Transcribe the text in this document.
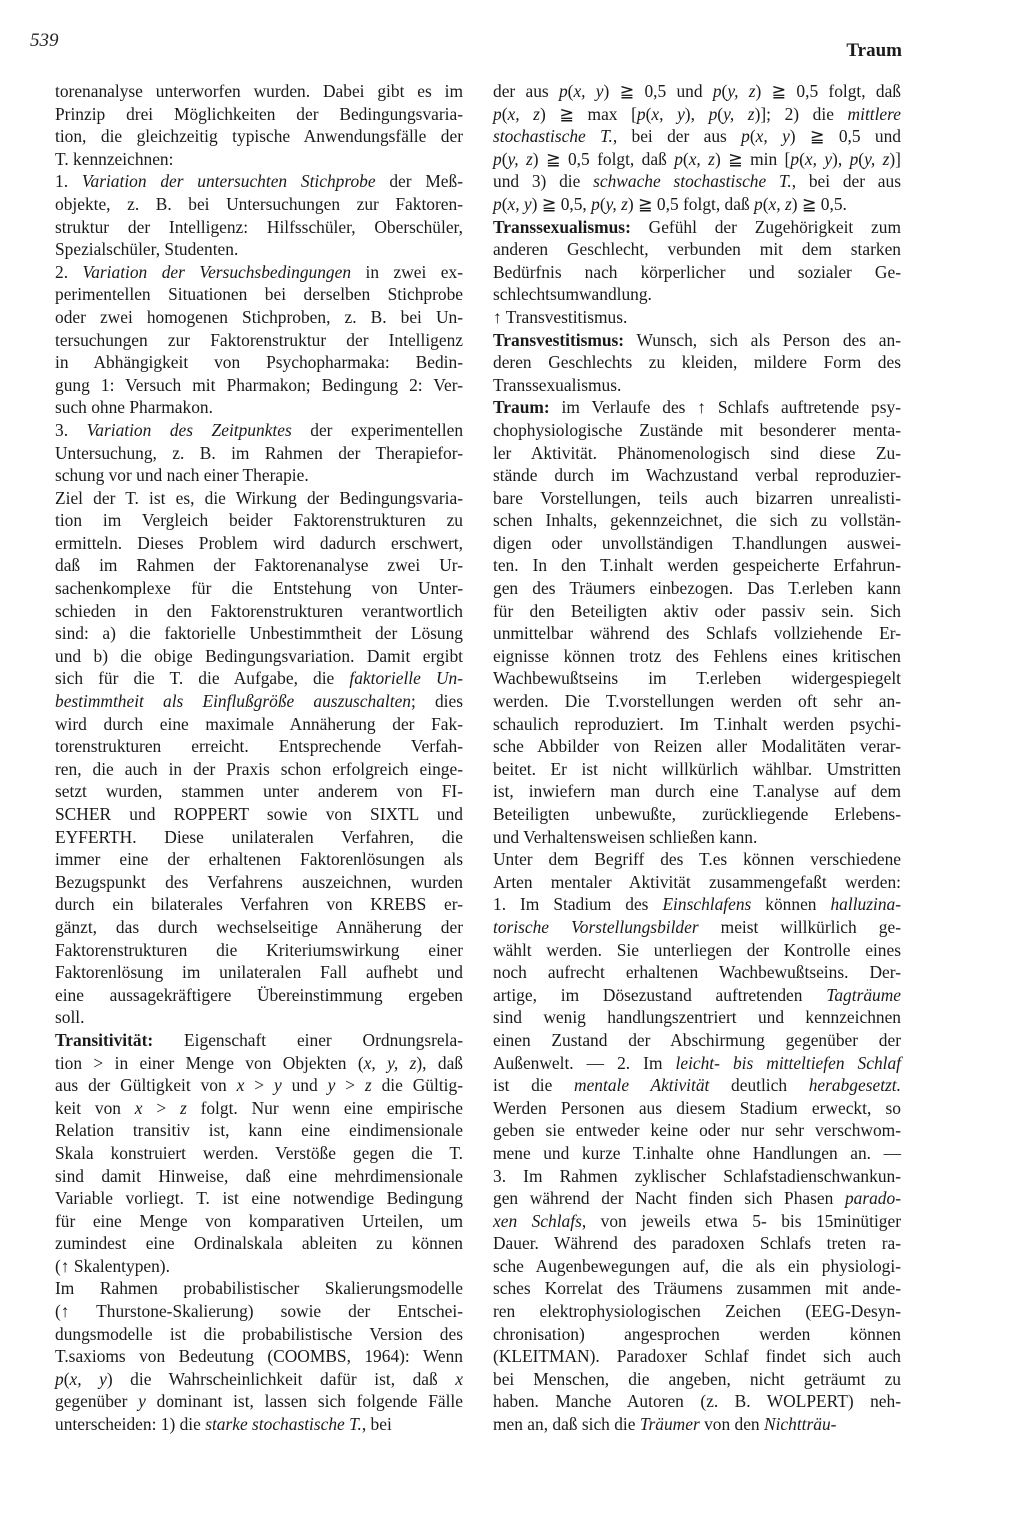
539	Traum
torenanalyse unterworfen wurden. Dabei gibt es im
Prinzip drei Möglichkeiten der Bedingungsvaria-
tion, die gleichzeitig typische Anwendungsfälle der
T. kennzeichnen:
1. Variation der untersuchten Stichprobe der Meß-
objekte, z. B. bei Untersuchungen zur Faktoren-
struktur der Intelligenz: Hilfsschüler, Oberschüler,
Spezialschüler, Studenten.
2. Variation der Versuchsbedingungen in zwei ex-
perimentellen Situationen bei derselben Stichprobe
oder zwei homogenen Stichproben, z. B. bei Un-
tersuchungen zur Faktorenstruktur der Intelligenz
in Abhängigkeit von Psychopharmaka: Bedin-
gung 1: Versuch mit Pharmakon; Bedingung 2: Ver-
such ohne Pharmakon.
3. Variation des Zeitpunktes der experimentellen
Untersuchung, z. B. im Rahmen der Therapiefor-
schung vor und nach einer Therapie.
Ziel der T. ist es, die Wirkung der Bedingungsvaria-
tion im Vergleich beider Faktorenstrukturen zu
ermitteln. Dieses Problem wird dadurch erschwert,
daß im Rahmen der Faktorenanalyse zwei Ur-
sachenkomplexe für die Entstehung von Unter-
schieden in den Faktorenstrukturen verantwortlich
sind: a) die faktorielle Unbestimmtheit der Lösung
und b) die obige Bedingungsvariation. Damit ergibt
sich für die T. die Aufgabe, die faktorielle Un-
bestimmtheit als Einflußgröße auszuschalten; dies
wird durch eine maximale Annäherung der Fak-
torenstrukturen erreicht. Entsprechende Verfah-
ren, die auch in der Praxis schon erfolgreich einge-
setzt wurden, stammen unter anderem von FI-
SCHER und ROPPERT sowie von SIXTL und
EYFERTH. Diese unilateralen Verfahren, die
immer eine der erhaltenen Faktorenlösungen als
Bezugspunkt des Verfahrens auszeichnen, wurden
durch ein bilaterales Verfahren von KREBS er-
gänzt, das durch wechselseitige Annäherung der
Faktorenstrukturen die Kriteriumswirkung einer
Faktorenlösung im unilateralen Fall aufhebt und
eine aussagekräftigere Übereinstimmung ergeben
soll.
Transitivität: Eigenschaft einer Ordnungsrela-
tion > in einer Menge von Objekten (x, y, z), daß
aus der Gültigkeit von x > y und y > z die Gültig-
keit von x > z folgt. Nur wenn eine empirische
Relation transitiv ist, kann eine eindimensionale
Skala konstruiert werden. Verstöße gegen die T.
sind damit Hinweise, daß eine mehrdimensionale
Variable vorliegt. T. ist eine notwendige Bedingung
für eine Menge von komparativen Urteilen, um
zumindest eine Ordinalskala ableiten zu können
(↑ Skalentypen).
Im Rahmen probabilistischer Skalierungsmodelle
(↑ Thurstone-Skalierung) sowie der Entschei-
dungsmodelle ist die probabilistische Version des
T.saxioms von Bedeutung (COOMBS, 1964): Wenn
p(x, y) die Wahrscheinlichkeit dafür ist, daß x
gegenüber y dominant ist, lassen sich folgende Fälle
unterscheiden: 1) die starke stochastische T., bei
der aus p(x, y) ≧ 0,5 und p(y, z) ≧ 0,5 folgt, daß
p(x, z) ≧ max [p(x, y), p(y, z)]; 2) die mittlere
stochastische T., bei der aus p(x, y) ≧ 0,5 und
p(y, z) ≧ 0,5 folgt, daß p(x, z) ≧ min [p(x, y), p(y, z)]
und 3) die schwache stochastische T., bei der aus
p(x, y) ≧ 0,5, p(y, z) ≧ 0,5 folgt, daß p(x, z) ≧ 0,5.
Transsexualismus: Gefühl der Zugehörigkeit zum
anderen Geschlecht, verbunden mit dem starken
Bedürfnis nach körperlicher und sozialer Ge-
schlechtsumwandlung.
↑ Transvestitismus.
Transvestitismus: Wunsch, sich als Person des an-
deren Geschlechts zu kleiden, mildere Form des
Transsexualismus.
Traum: im Verlaufe des ↑ Schlafs auftretende psy-
chophysiologische Zustände mit besonderer menta-
ler Aktivität. Phänomenologisch sind diese Zu-
stände durch im Wachzustand verbal reproduzier-
bare Vorstellungen, teils auch bizarren unrealisti-
schen Inhalts, gekennzeichnet, die sich zu vollstän-
digen oder unvollständigen T.handlungen auswei-
ten. In den T.inhalt werden gespeicherte Erfahrun-
gen des Träumers einbezogen. Das T.erleben kann
für den Beteiligten aktiv oder passiv sein. Sich
unmittelbar während des Schlafs vollziehende Er-
eignisse können trotz des Fehlens eines kritischen
Wachbewußtseins im T.erleben widergespiegelt
werden. Die T.vorstellungen werden oft sehr an-
schaulich reproduziert. Im T.inhalt werden psychi-
sche Abbilder von Reizen aller Modalitäten verar-
beitet. Er ist nicht willkürlich wählbar. Umstritten
ist, inwiefern man durch eine T.analyse auf dem
Beteiligten unbewußte, zurückliegende Erlebens-
und Verhaltensweisen schließen kann.
Unter dem Begriff des T.es können verschiedene
Arten mentaler Aktivität zusammengefaßt werden:
1. Im Stadium des Einschlafens können halluzina-
torische Vorstellungsbilder meist willkürlich ge-
wählt werden. Sie unterliegen der Kontrolle eines
noch aufrecht erhaltenen Wachbewußtseins. Der-
artige, im Dösezustand auftretenden Tagträume
sind wenig handlungszentriert und kennzeichnen
einen Zustand der Abschirmung gegenüber der
Außenwelt. — 2. Im leicht- bis mitteltiefen Schlaf
ist die mentale Aktivität deutlich herabgesetzt.
Werden Personen aus diesem Stadium erweckt, so
geben sie entweder keine oder nur sehr verschwom-
mene und kurze T.inhalte ohne Handlungen an. —
3. Im Rahmen zyklischer Schlafstadienschwankun-
gen während der Nacht finden sich Phasen parado-
xen Schlafs, von jeweils etwa 5- bis 15minütiger
Dauer. Während des paradoxen Schlafs treten ra-
sche Augenbewegungen auf, die als ein physiologi-
sches Korrelat des Träumens zusammen mit ande-
ren elektrophysiologischen Zeichen (EEG-Desyn-
chronisation) angesprochen werden können
(KLEITMAN). Paradoxer Schlaf findet sich auch
bei Menschen, die angeben, nicht geträumt zu
haben. Manche Autoren (z. B. WOLPERT) neh-
men an, daß sich die Träumer von den Nichtträu-
